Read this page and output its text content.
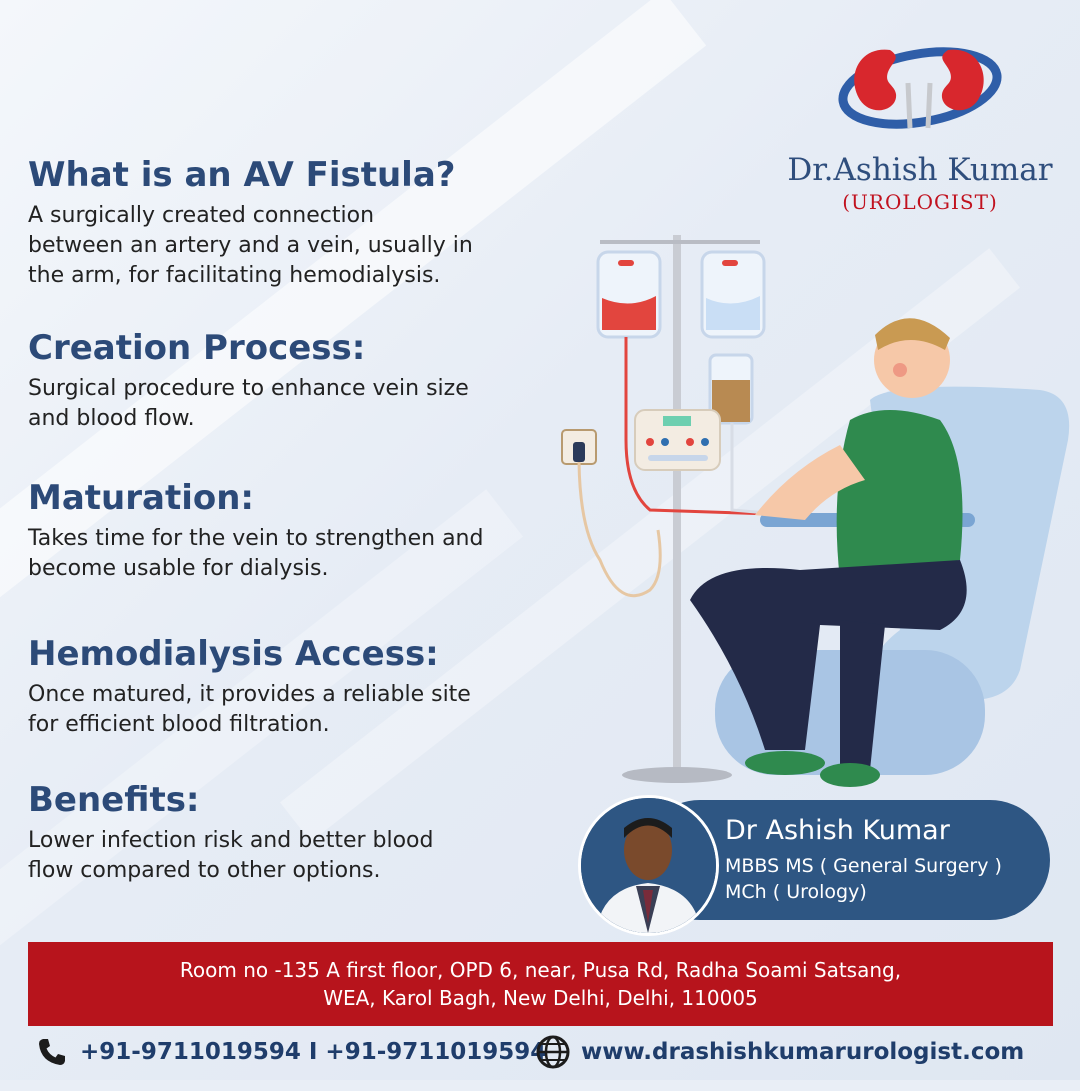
Dr.Ashish Kumar
(UROLOGIST)
What is an AV Fistula?

A surgically created connection
between an artery and a vein, usually in
the arm, for facilitating hemodialysis.

Creation Process:

Surgical procedure to enhance vein size
and blood flow.

Maturation:

Takes time for the vein to strengthen and
become usable for dialysis.

Hemodialysis Access:

Once matured, it provides a reliable site
for efficient blood filtration.

Benefits:

Lower infection risk and better blood
flow compared to other options.

Dr Ashish Kumar
MBBS MS ( General Surgery )
MCh ( Urology)
Room no -135 A first floor, OPD 6, near, Pusa Rd, Radha Soami Satsang,
WEA, Karol Bagh, New Delhi, Delhi, 110005
+91-9711019594 I +91-9711019594 www.drashishkumarurologist.com
